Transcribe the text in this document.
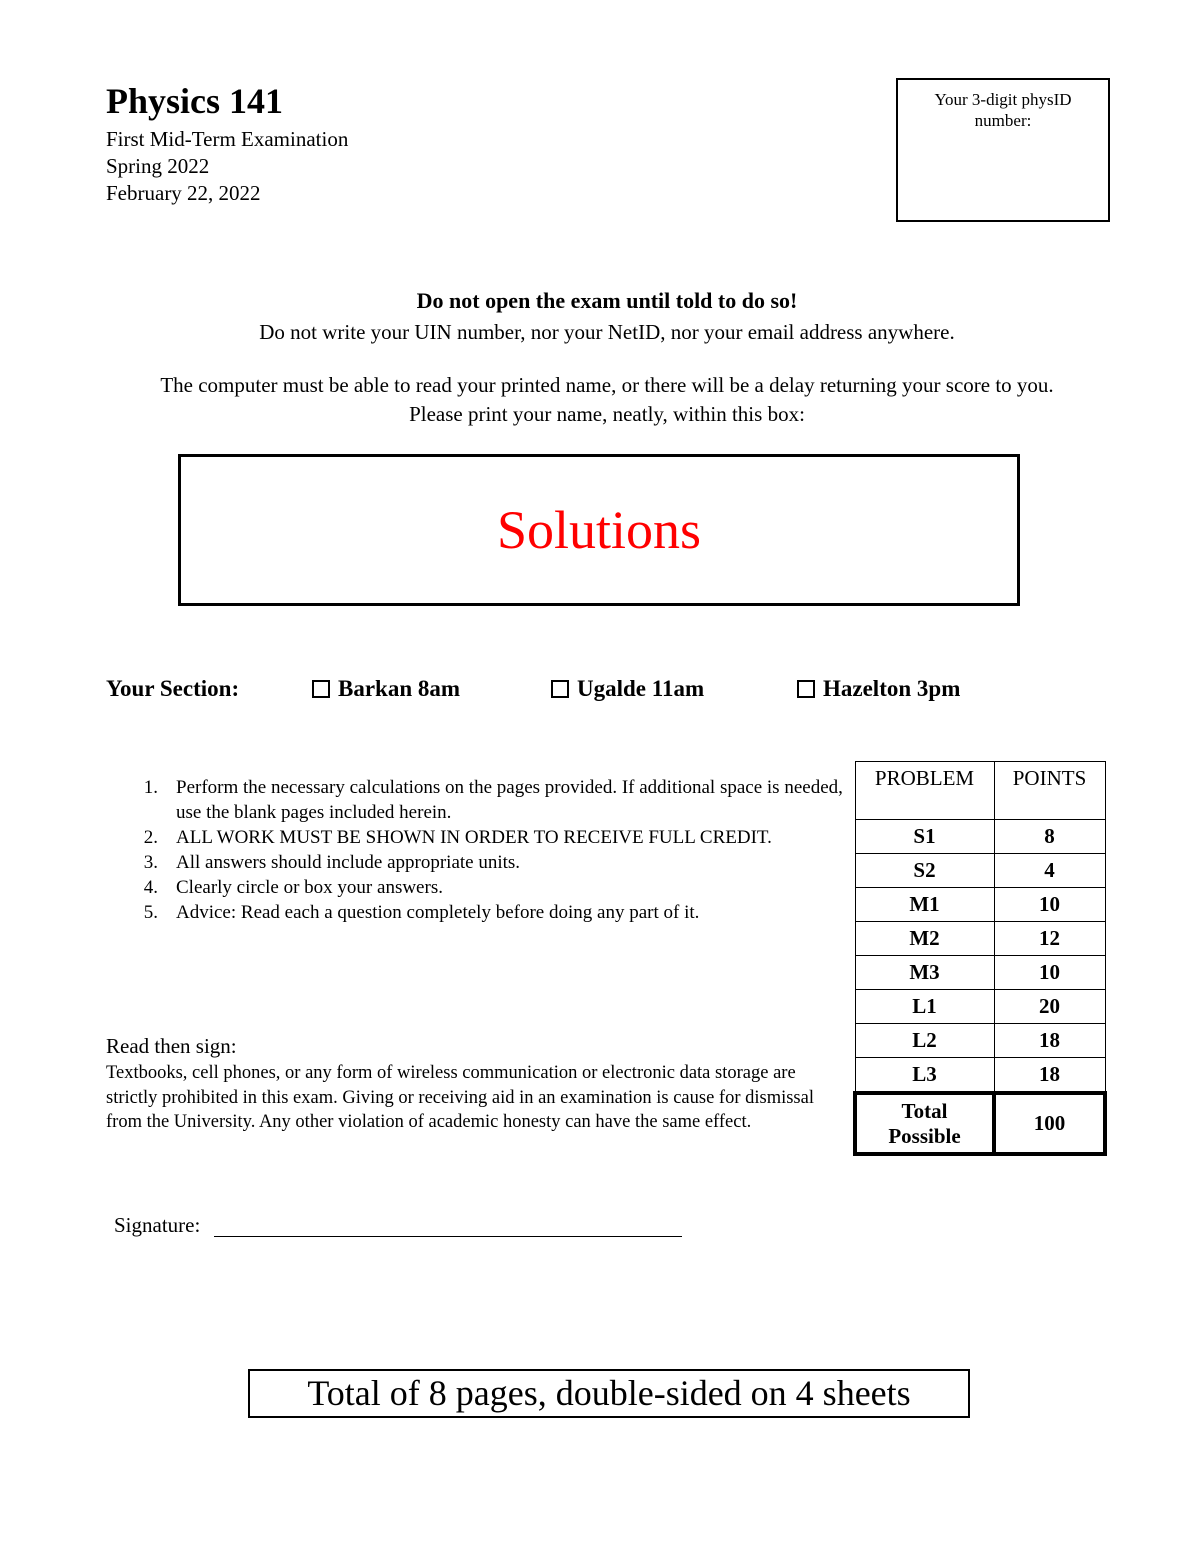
Physics 141
First Mid-Term Examination
Spring 2022
February 22, 2022
Your 3-digit physID number:
Do not open the exam until told to do so!
Do not write your UIN number, nor your NetID, nor your email address anywhere.
The computer must be able to read your printed name, or there will be a delay returning your score to you.
Please print your name, neatly, within this box:
Solutions
Your Section:	Barkan 8am	Ugalde 11am	Hazelton 3pm
1. Perform the necessary calculations on the pages provided. If additional space is needed, use the blank pages included herein.
2. ALL WORK MUST BE SHOWN IN ORDER TO RECEIVE FULL CREDIT.
3. All answers should include appropriate units.
4. Clearly circle or box your answers.
5. Advice: Read each a question completely before doing any part of it.
Read then sign:
Textbooks, cell phones, or any form of wireless communication or electronic data storage are strictly prohibited in this exam. Giving or receiving aid in an examination is cause for dismissal from the University. Any other violation of academic honesty can have the same effect.
Signature:
PROBLEM	POINTS
S1	8
S2	4
M1	10
M2	12
M3	10
L1	20
L2	18
L3	18

Total
Possible	100
Total of 8 pages, double-sided on 4 sheets
